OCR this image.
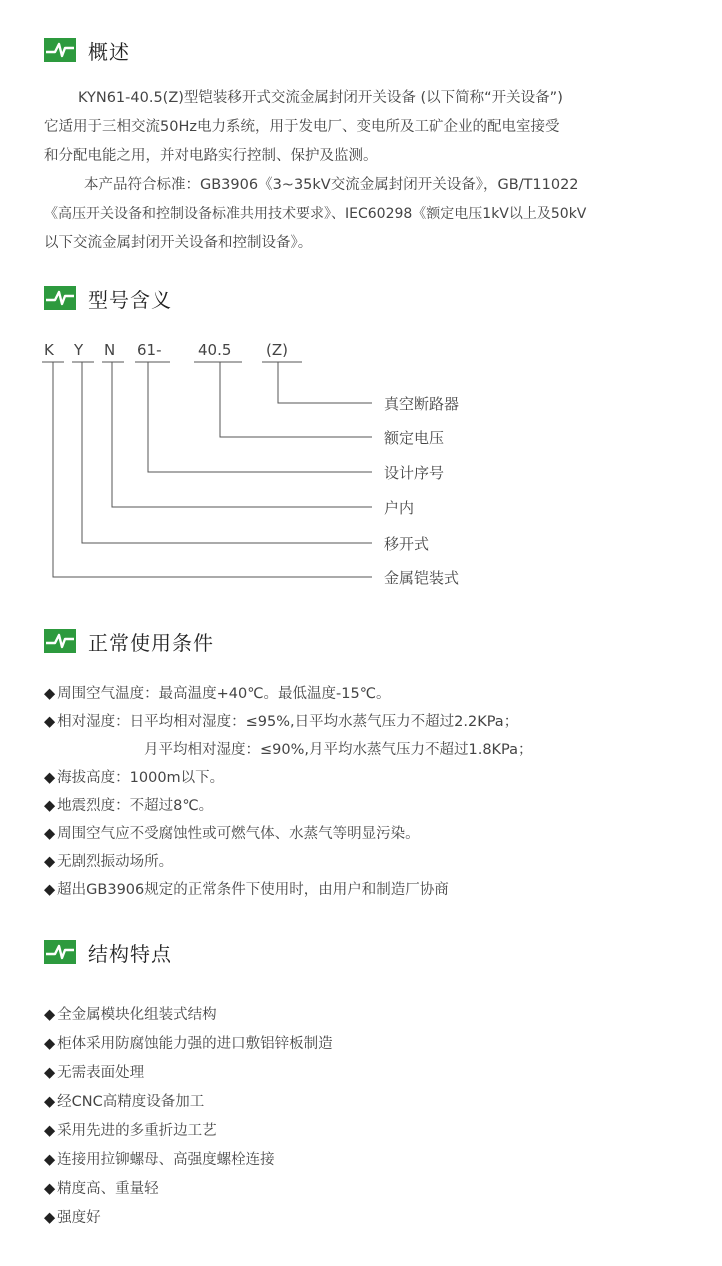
概述
KYN61-40.5(Z)型铠装移开式交流金属封闭开关设备 (以下简称“开关设备”)
它适用于三相交流50Hz电力系统，用于发电厂、变电所及工矿企业的配电室接受
和分配电能之用，并对电路实行控制、保护及监测。
本产品符合标准：GB3906《3~35kV交流金属封闭开关设备》，GB/T11022
《高压开关设备和控制设备标准共用技术要求》、IEC60298《额定电压1kV以上及50kV
以下交流金属封闭开关设备和控制设备》。
型号含义
K Y N 61- 40.5 (Z)
真空断路器
额定电压
设计序号
户内
移开式
金属铠装式
正常使用条件
◆ 周围空气温度：最高温度+40℃。最低温度-15℃。
◆ 相对湿度：日平均相对湿度：≤95%,日平均水蒸气压力不超过2.2KPa；
月平均相对湿度：≤90%,月平均水蒸气压力不超过1.8KPa；
◆ 海拔高度：1000m以下。
◆ 地震烈度：不超过8℃。
◆ 周围空气应不受腐蚀性或可燃气体、水蒸气等明显污染。
◆ 无剧烈振动场所。
◆ 超出GB3906规定的正常条件下使用时，由用户和制造厂协商
结构特点
◆ 全金属模块化组装式结构
◆ 柜体采用防腐蚀能力强的进口敷铝锌板制造
◆ 无需表面处理
◆ 经CNC高精度设备加工
◆ 采用先进的多重折边工艺
◆ 连接用拉铆螺母、高强度螺栓连接
◆ 精度高、重量轻
◆ 强度好
